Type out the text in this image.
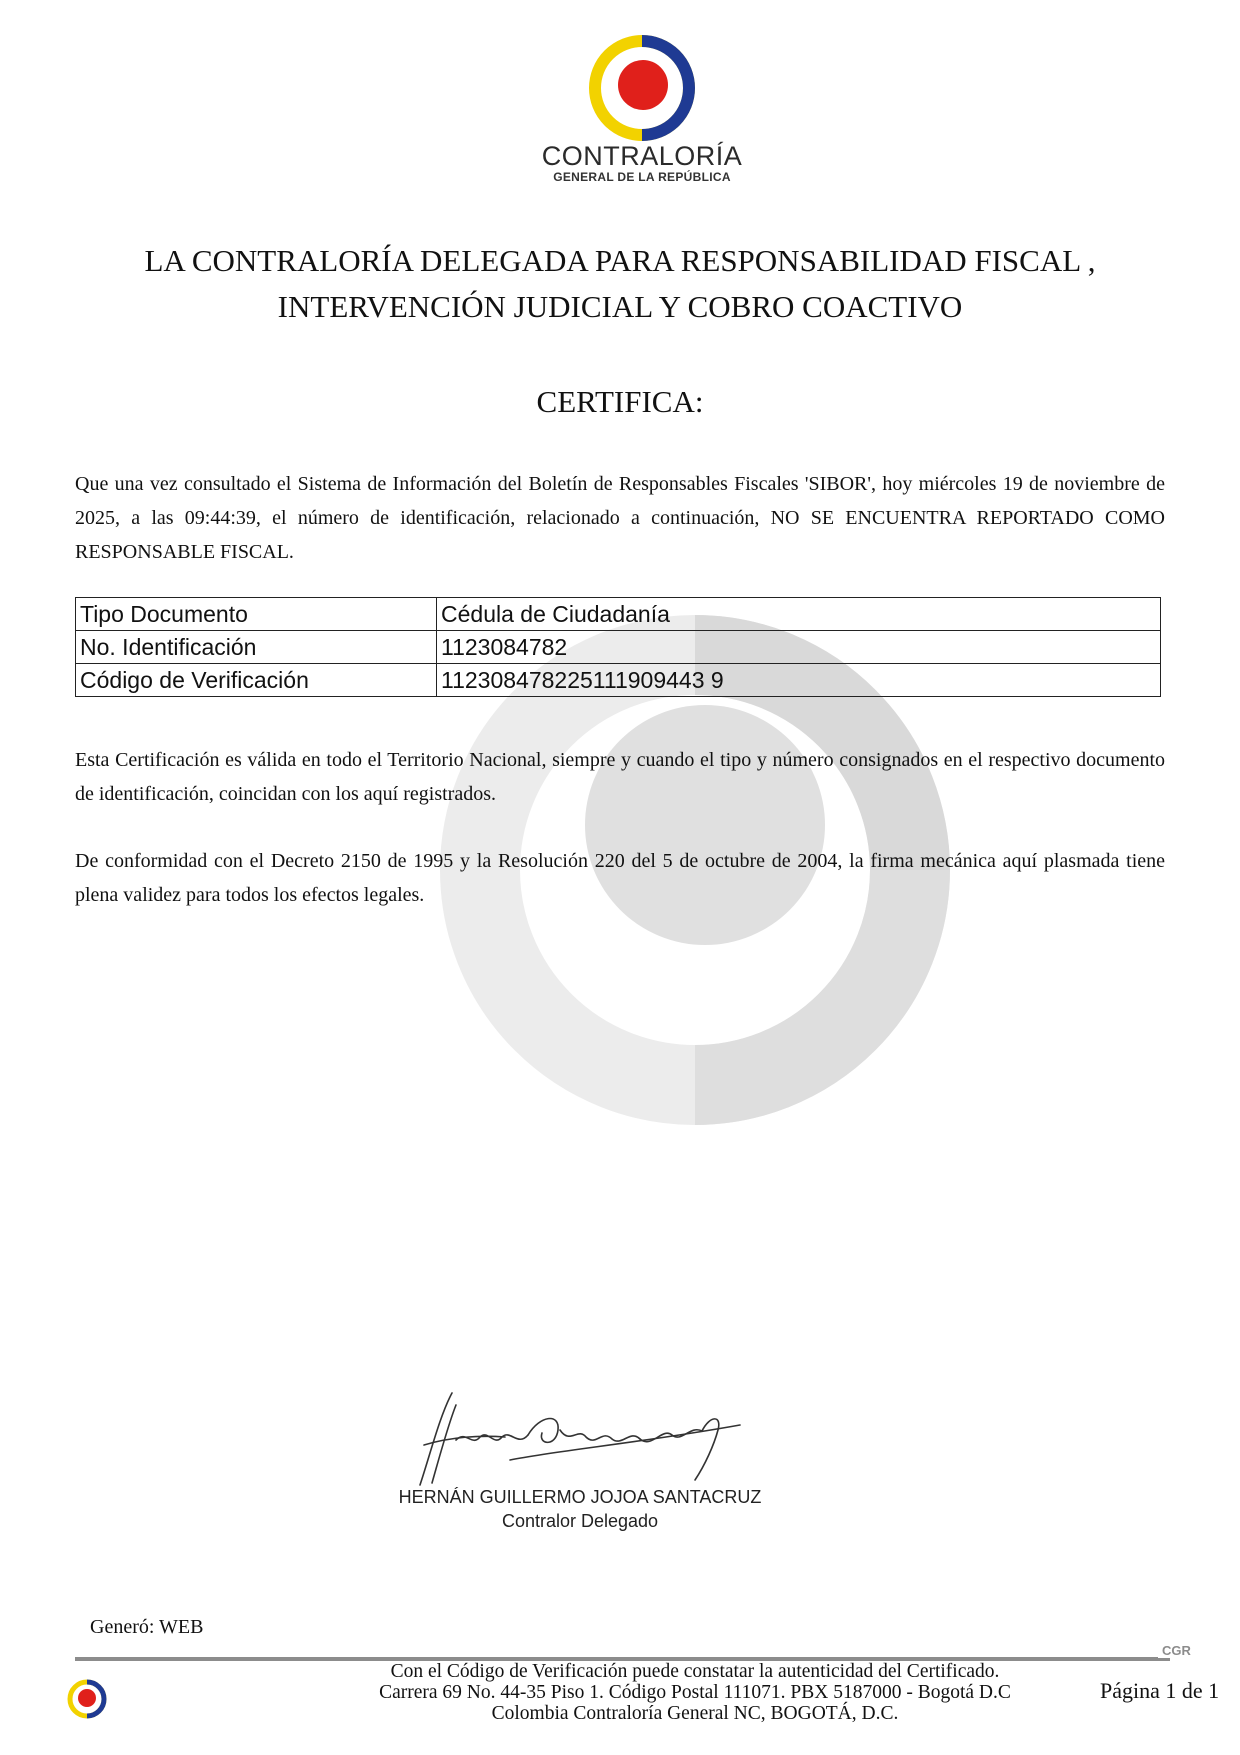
CONTRALORÍA
GENERAL DE LA REPÚBLICA
LA CONTRALORÍA DELEGADA PARA RESPONSABILIDAD FISCAL ,
INTERVENCIÓN JUDICIAL Y COBRO COACTIVO
CERTIFICA:
Que una vez consultado el Sistema de Información del Boletín de Responsables Fiscales 'SIBOR', hoy miércoles 19 de noviembre de 2025, a las 09:44:39, el número de identificación, relacionado a continuación, NO SE ENCUENTRA REPORTADO COMO RESPONSABLE FISCAL.
Tipo Documento	Cédula de Ciudadanía
No. Identificación	1123084782
Código de Verificación	112308478225111909443 9
Esta Certificación es válida en todo el Territorio Nacional, siempre y cuando el tipo y número consignados en el respectivo documento de identificación, coincidan con los aquí registrados.
De conformidad con el Decreto 2150 de 1995 y la Resolución 220 del 5 de octubre de 2004, la firma mecánica aquí plasmada tiene plena validez para todos los efectos legales.
HERNÁN GUILLERMO JOJOA SANTACRUZ
Contralor Delegado
Generó: WEB
CGR
Con el Código de Verificación puede constatar la autenticidad del Certificado.
Carrera 69 No. 44-35 Piso 1. Código Postal 111071. PBX 5187000 - Bogotá D.C
Colombia Contraloría General NC, BOGOTÁ, D.C.
Página 1 de 1
